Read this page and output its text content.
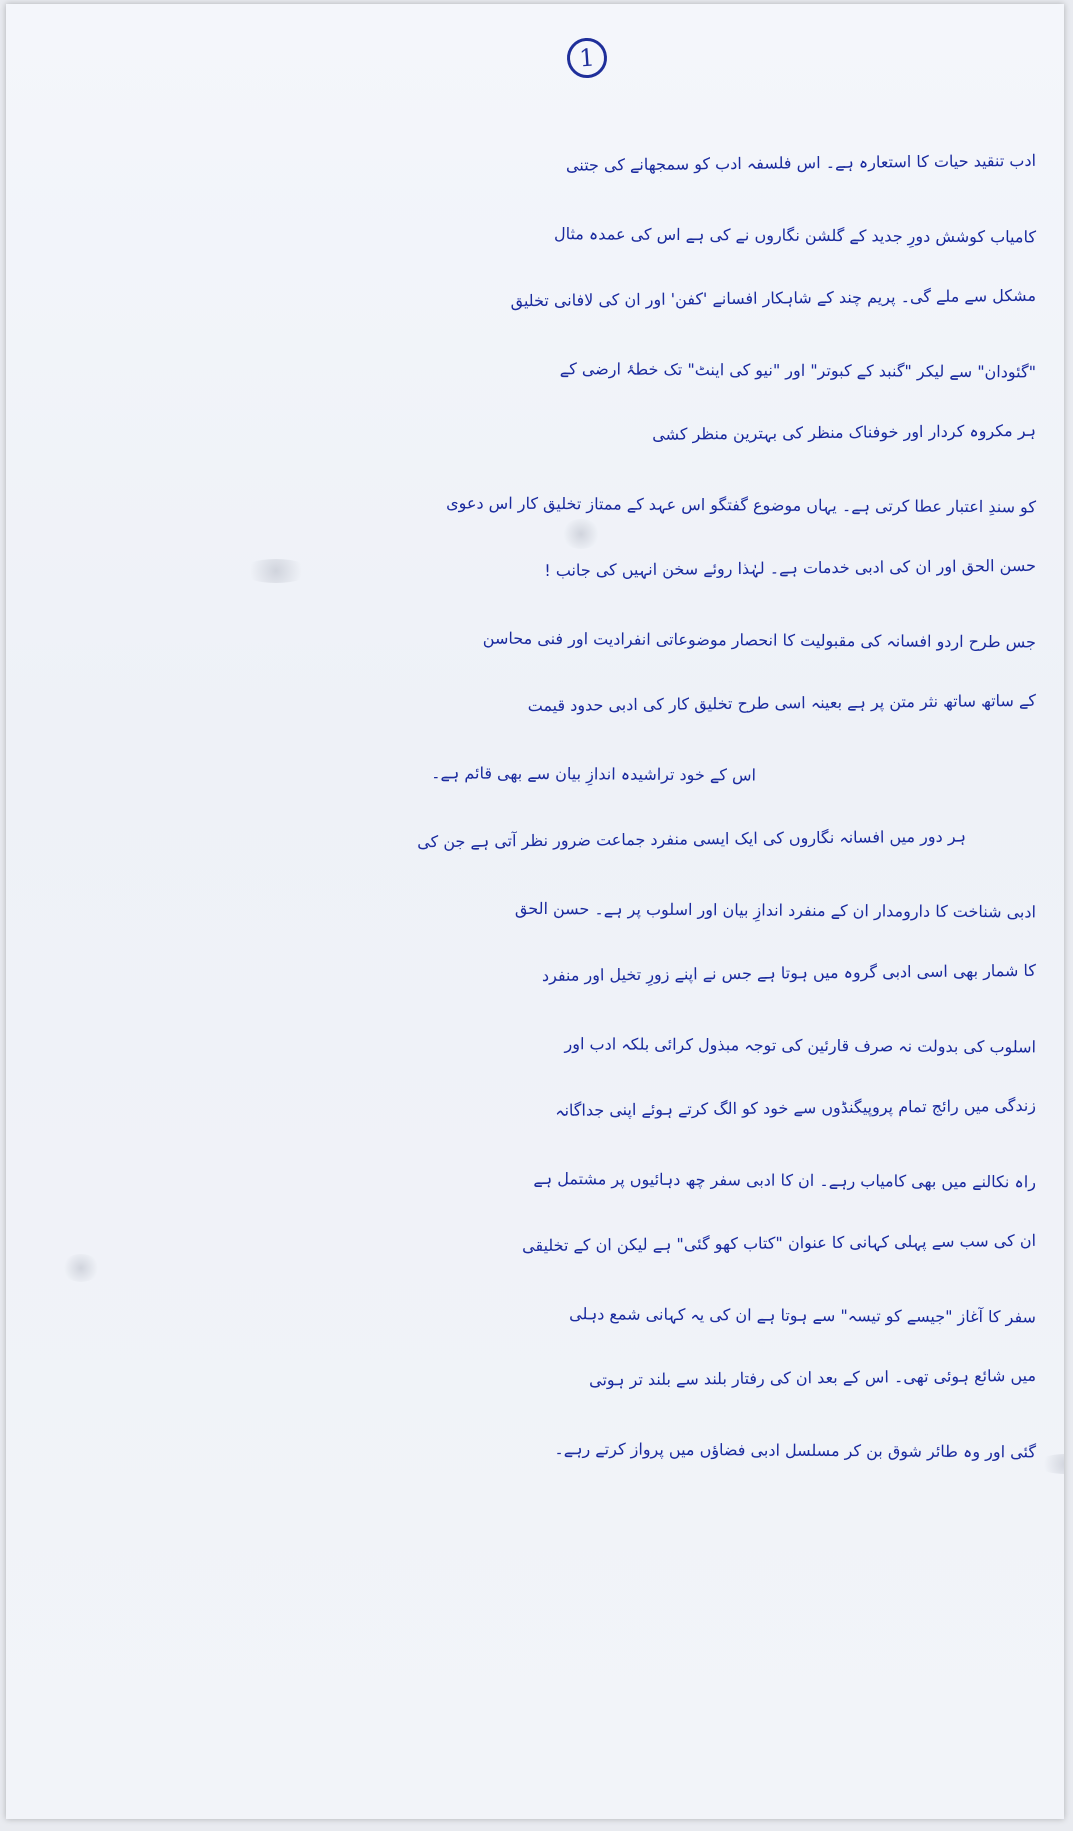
1
ادب تنقید حیات کا استعارہ ہے۔ اس فلسفہ ادب کو سمجھانے کی جتنی
کامیاب کوشش دورِ جدید کے گلشن نگاروں نے کی ہے اس کی عمدہ مثال
مشکل سے ملے گی۔ پریم چند کے شاہکار افسانے 'کفن' اور ان کی لافانی تخلیق
"گئودان" سے لیکر "گنبد کے کبوتر" اور "نیو کی اینٹ" تک خطۂ ارضی کے
ہر مکروہ کردار اور خوفناک منظر کی بہترین منظر کشی
کو سندِ اعتبار عطا کرتی ہے۔ یہاں موضوع گفتگو اس عہد کے ممتاز تخلیق کار اس دعوی
حسن الحق اور ان کی ادبی خدمات ہے۔ لہٰذا روئے سخن انہیں کی جانب !
جس طرح اردو افسانہ کی مقبولیت کا انحصار موضوعاتی انفرادیت اور فنی محاسن
کے ساتھ ساتھ نثر متن پر ہے بعینہ اسی طرح تخلیق کار کی ادبی حدود قیمت
اس کے خود تراشیدہ اندازِ بیان سے بھی قائم ہے۔
ہر دور میں افسانہ نگاروں کی ایک ایسی منفرد جماعت ضرور نظر آتی ہے جن کی
ادبی شناخت کا دارومدار ان کے منفرد اندازِ بیان اور اسلوب پر ہے۔ حسن الحق
کا شمار بھی اسی ادبی گروہ میں ہوتا ہے جس نے اپنے زورِ تخیل اور منفرد
اسلوب کی بدولت نہ صرف قارئین کی توجہ مبذول کرائی بلکہ ادب اور
زندگی میں رائج تمام پروپیگنڈوں سے خود کو الگ کرتے ہوئے اپنی جداگانہ
راہ نکالنے میں بھی کامیاب رہے۔ ان کا ادبی سفر چھ دہائیوں پر مشتمل ہے
ان کی سب سے پہلی کہانی کا عنوان "کتاب کھو گئی" ہے لیکن ان کے تخلیقی
سفر کا آغاز "جیسے کو تیسہ" سے ہوتا ہے ان کی یہ کہانی شمع دہلی
میں شائع ہوئی تھی۔ اس کے بعد ان کی رفتار بلند سے بلند تر ہوتی
گئی اور وہ طائر شوق بن کر مسلسل ادبی فضاؤں میں پرواز کرتے رہے۔
